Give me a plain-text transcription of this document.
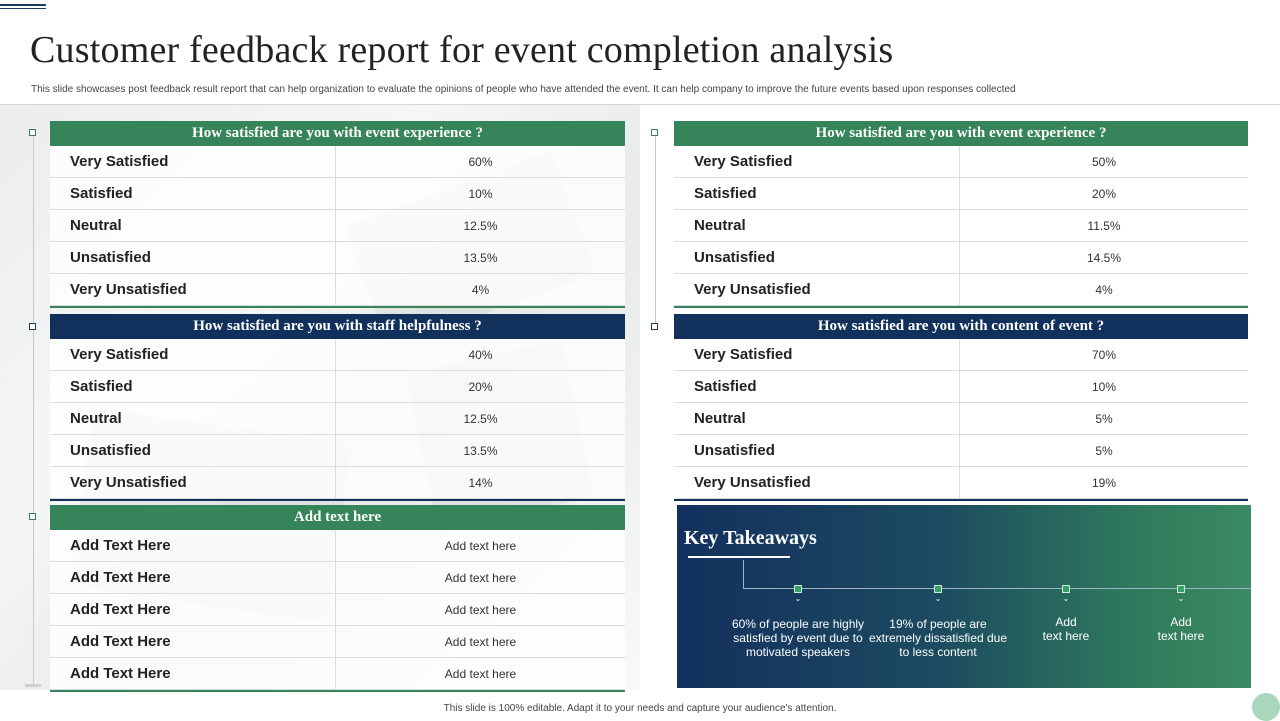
Customer feedback report for event completion analysis
This slide showcases post feedback result report that can help organization to evaluate the opinions of people who have attended the event. It can help company to improve the future events based upon responses collected
How satisfied are you with event experience ?
Very Satisfied	60%
Satisfied	10%
Neutral	12.5%
Unsatisfied	13.5%
Very Unsatisfied	4%
How satisfied are you with event experience ?
Very Satisfied	50%
Satisfied	20%
Neutral	11.5%
Unsatisfied	14.5%
Very Unsatisfied	4%
How satisfied are you with staff helpfulness ?
Very Satisfied	40%
Satisfied	20%
Neutral	12.5%
Unsatisfied	13.5%
Very Unsatisfied	14%
How satisfied are you with content of event ?
Very Satisfied	70%
Satisfied	10%
Neutral	5%
Unsatisfied	5%
Very Unsatisfied	19%
Add text here
Add Text Here	Add text here
Add Text Here	Add text here
Add Text Here	Add text here
Add Text Here	Add text here
Add Text Here	Add text here
Key Takeaways
⌄
60% of people are highly satisfied by event due to motivated speakers
⌄
19% of people are extremely dissatisfied due to less content
⌄
Add
text here
⌄
Add
text here
This slide is 100% editable. Adapt it to your needs and capture your audience's attention.
